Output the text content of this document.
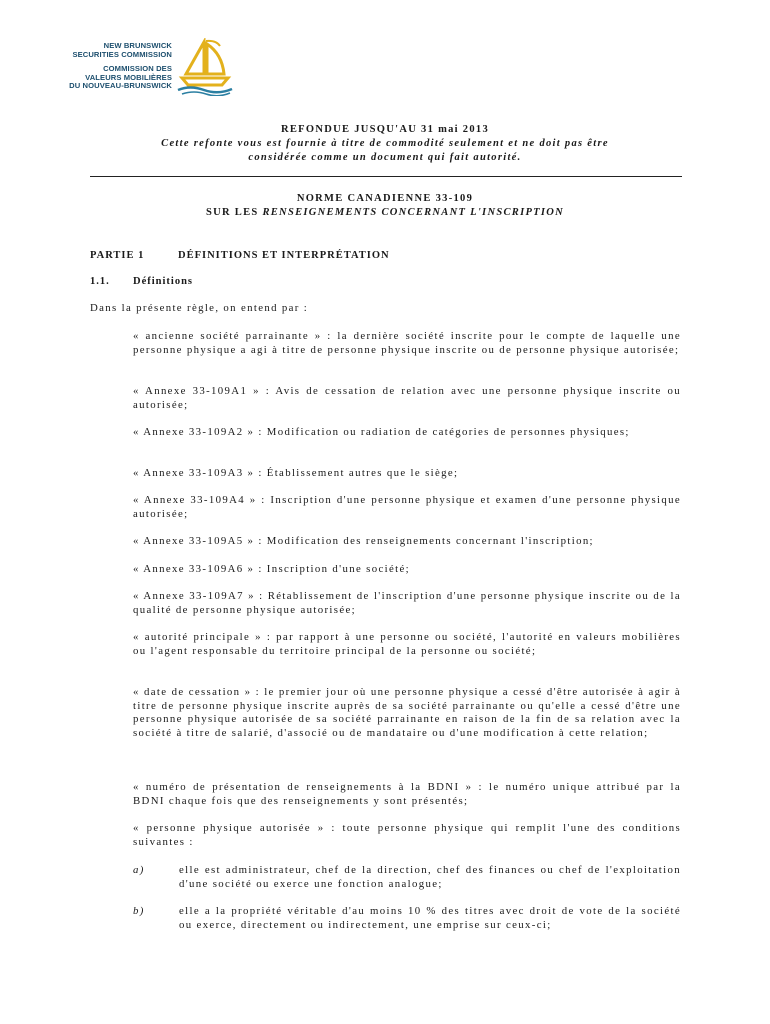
NEW BRUNSWICK
SECURITIES COMMISSION
COMMISSION DES
VALEURS MOBILIÈRES
DU NOUVEAU-BRUNSWICK
REFONDUE JUSQU'AU 31 mai 2013
Cette refonte vous est fournie à titre de commodité seulement et ne doit pas être
considérée comme un document qui fait autorité.
NORME CANADIENNE 33-109
SUR LES RENSEIGNEMENTS CONCERNANT L'INSCRIPTION
PARTIE 1	DÉFINITIONS ET INTERPRÉTATION
1.1. Définitions
Dans la présente règle, on entend par :
« ancienne société parrainante » : la dernière société inscrite pour le compte de laquelle une personne physique a agi à titre de personne physique inscrite ou de personne physique autorisée;
« Annexe 33-109A1 » : Avis de cessation de relation avec une personne physique inscrite ou autorisée;
« Annexe 33-109A2 » : Modification ou radiation de catégories de personnes physiques;
« Annexe 33-109A3 » : Établissement autres que le siège;
« Annexe 33-109A4 » : Inscription d'une personne physique et examen d'une personne physique autorisée;
« Annexe 33-109A5 » : Modification des renseignements concernant l'inscription;
« Annexe 33-109A6 » : Inscription d'une société;
« Annexe 33-109A7 » : Rétablissement de l'inscription d'une personne physique inscrite ou de la qualité de personne physique autorisée;
« autorité principale » : par rapport à une personne ou société, l'autorité en valeurs mobilières ou l'agent responsable du territoire principal de la personne ou société;
« date de cessation » : le premier jour où une personne physique a cessé d'être autorisée à agir à titre de personne physique inscrite auprès de sa société parrainante ou qu'elle a cessé d'être une personne physique autorisée de sa société parrainante en raison de la fin de sa relation avec la société à titre de salarié, d'associé ou de mandataire ou d'une modification à cette relation;
« numéro de présentation de renseignements à la BDNI » : le numéro unique attribué par la BDNI chaque fois que des renseignements y sont présentés;
« personne physique autorisée » : toute personne physique qui remplit l'une des conditions suivantes :
a)	elle est administrateur, chef de la direction, chef des finances ou chef de l'exploitation d'une société ou exerce une fonction analogue;
b)	elle a la propriété véritable d'au moins 10 % des titres avec droit de vote de la société ou exerce, directement ou indirectement, une emprise sur ceux-ci;
